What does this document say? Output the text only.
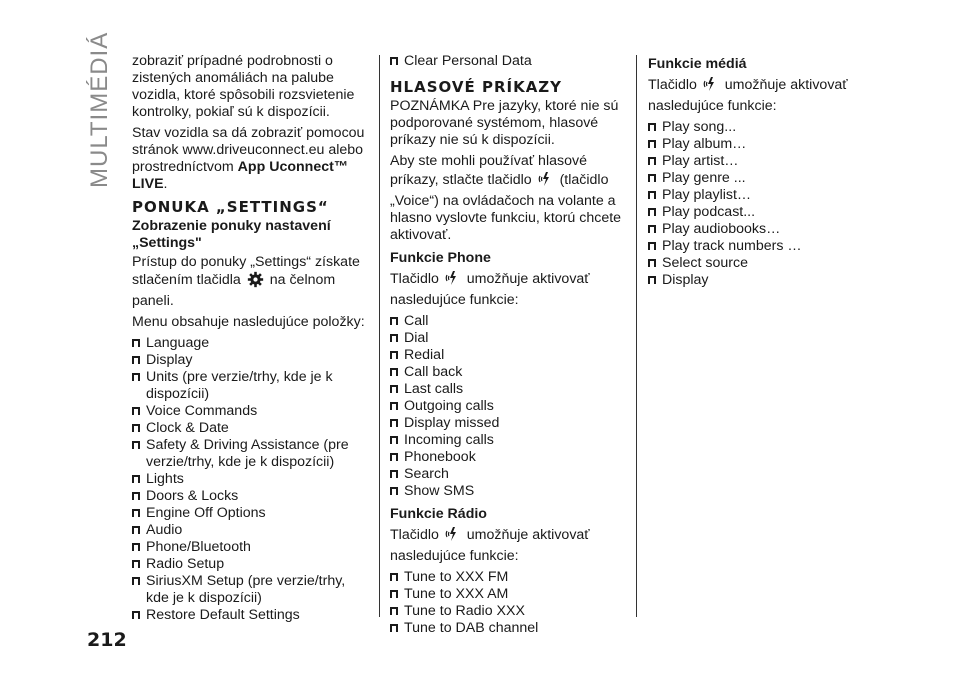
MULTIMÉDIÁ
212

zobraziť prípadné podrobnosti o zistených anomáliách na palube vozidla, ktoré spôsobili rozsvietenie kontrolky, pokiaľ sú k dispozícii.

Stav vozidla sa dá zobraziť pomocou stránok www.driveuconnect.eu alebo prostredníctvom App Uconnect™ LIVE.

PONUKA „SETTINGS“
Zobrazenie ponuky nastavení „Settings"

Prístup do ponuky „Settings“ získate stlačením tlačidla na čelnom paneli.

Menu obsahuje nasledujúce položky:

Language
Display
Units (pre verzie/trhy, kde je k dispozícii)
Voice Commands
Clock & Date
Safety & Driving Assistance (pre verzie/trhy, kde je k dispozícii)
Lights
Doors & Locks
Engine Off Options
Audio
Phone/Bluetooth
Radio Setup
SiriusXM Setup (pre verzie/trhy, kde je k dispozícii)
Restore Default Settings
Clear Personal Data
HLASOVÉ PRÍKAZY

POZNÁMKA Pre jazyky, ktoré nie sú podporované systémom, hlasové príkazy nie sú k dispozícii.

Aby ste mohli používať hlasové príkazy, stlačte tlačidlo (tlačidlo „Voice“) na ovládačoch na volante a hlasno vyslovte funkciu, ktorú chcete aktivovať.

Funkcie Phone

Tlačidlo umožňuje aktivovať nasledujúce funkcie:

Call
Dial
Redial
Call back
Last calls
Outgoing calls
Display missed
Incoming calls
Phonebook
Search
Show SMS
Funkcie Rádio

Tlačidlo umožňuje aktivovať nasledujúce funkcie:

Tune to XXX FM
Tune to XXX AM
Tune to Radio XXX
Tune to DAB channel
Funkcie médiá

Tlačidlo umožňuje aktivovať nasledujúce funkcie:

Play song...
Play album…
Play artist…
Play genre ...
Play playlist…
Play podcast...
Play audiobooks…
Play track numbers …
Select source
Display
